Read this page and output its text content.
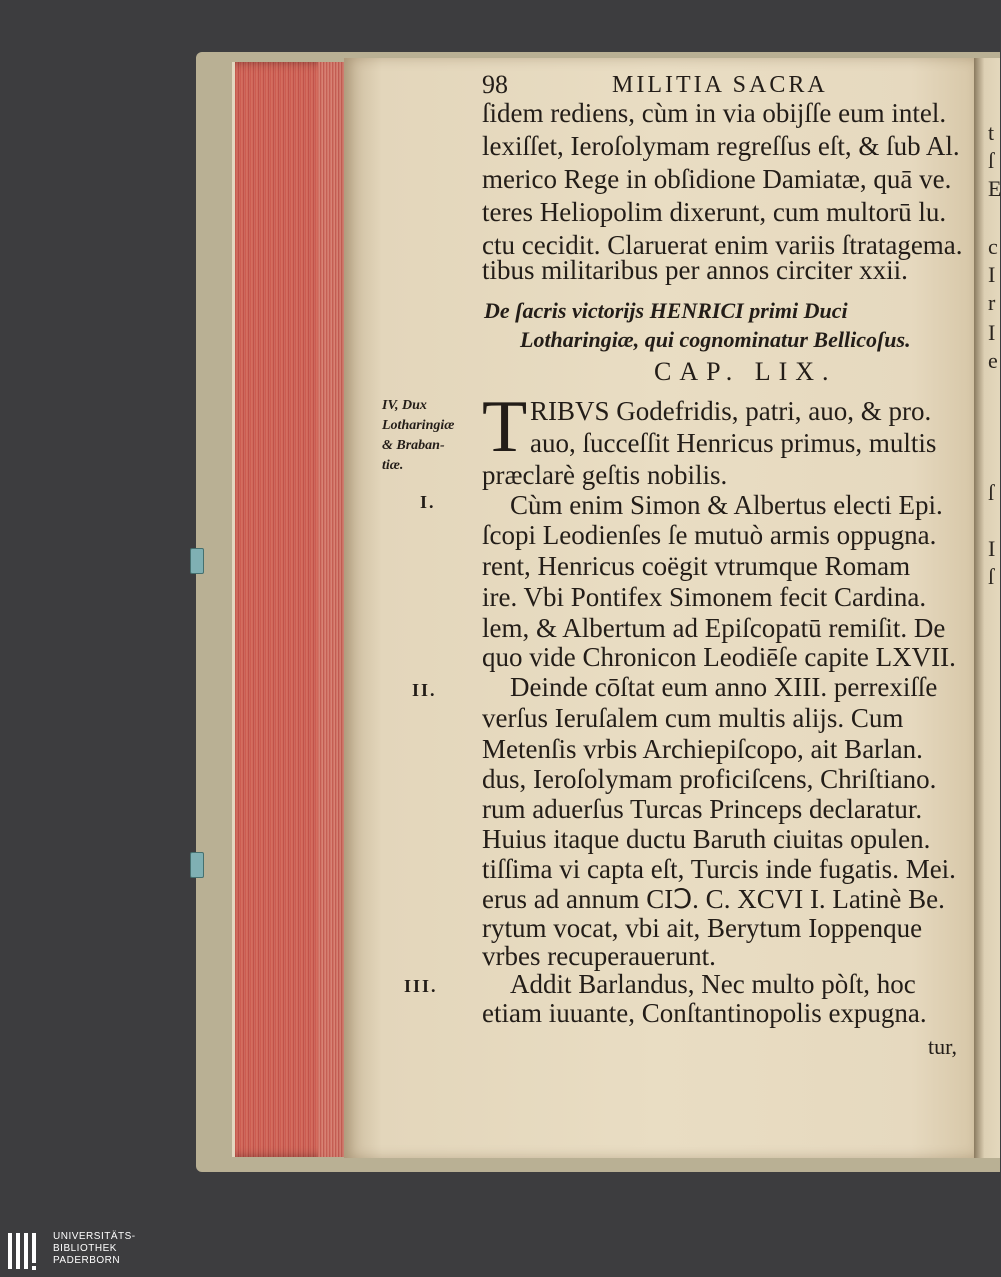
t
ſ
E
c
I
r
I
e
ſ
I
ſ
98	MILITIA SACRA
ſidem rediens, cùm in via obijſſe eum intel.
lexiſſet, Ieroſolymam regreſſus eſt, & ſub Al.
merico Rege in obſidione Damiatæ, quā ve.
teres Heliopolim dixerunt, cum multorū lu.
ctu cecidit. Claruerat enim variis ſtratagema.
tibus militaribus per annos circiter xxii.
De ſacris victorijs HENRICI primi Duci
Lotharingiæ, qui cognominatur Bellicoſus.
CAP. LIX.
IV, Dux
Lotharingiæ
& Braban-
tiæ. T RIBVS Godefridis, patri, auo, & pro.
auo, ſucceſſit Henricus primus, multis
præclarè geſtis nobilis.
I.	Cùm enim Simon & Albertus electi Epi.
ſcopi Leodienſes ſe mutuò armis oppugna.
rent, Henricus coëgit vtrumque Romam
ire. Vbi Pontifex Simonem fecit Cardina.
lem, & Albertum ad Epiſcopatū remiſit. De
quo vide Chronicon Leodiēſe capite LXVII.
II.	Deinde cōſtat eum anno XIII. perrexiſſe
verſus Ieruſalem cum multis alijs. Cum
Metenſis vrbis Archiepiſcopo, ait Barlan.
dus, Ieroſolymam proficiſcens, Chriſtiano.
rum aduerſus Turcas Princeps declaratur.
Huius itaque ductu Baruth ciuitas opulen.
tiſſima vi capta eſt, Turcis inde fugatis. Mei.
erus ad annum CIↃ. C. XCVI I. Latinè Be.
rytum vocat, vbi ait, Berytum Ioppenque
vrbes recuperauerunt.
III.	Addit Barlandus, Nec multo pòſt, hoc
etiam iuuante, Conſtantinopolis expugna.
tur,
UNIVERSITÄTS-
BIBLIOTHEK
PADERBORN
